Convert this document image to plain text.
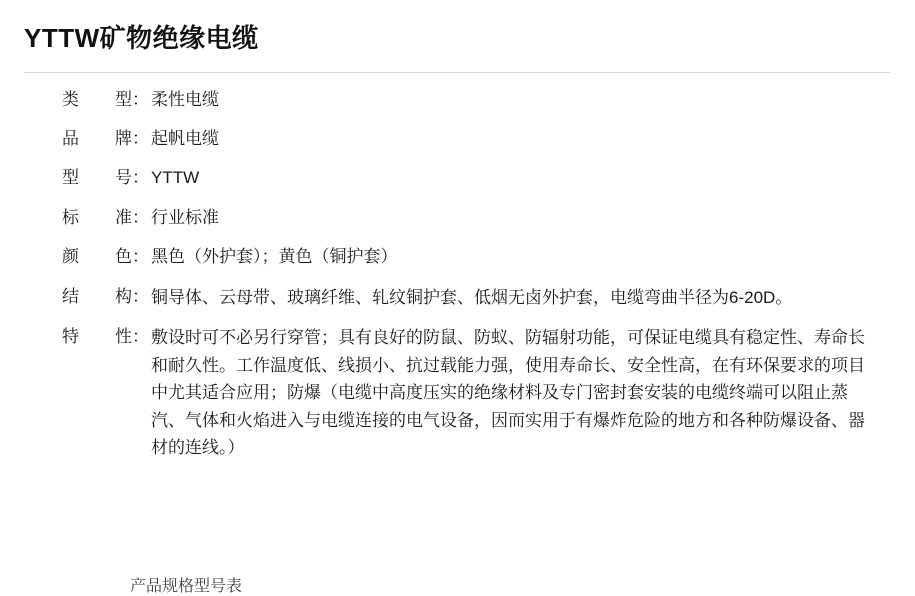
YTTW矿物绝缘电缆
类型 ： 柔性电缆
品牌 ： 起帆电缆
型号 ： YTTW
标准 ： 行业标准
颜色 ： 黑色（外护套）；黄色（铜护套）
结构 ： 铜导体、云母带、玻璃纤维、轧纹铜护套、低烟无卤外护套，电缆弯曲半径为6-20D。
特性 ： 敷设时可不必另行穿管；具有良好的防鼠、防蚁、防辐射功能，可保证电缆具有稳定性、寿命长和耐久性。工作温度低、线损小、抗过载能力强，使用寿命长、安全性高，在有环保要求的项目中尤其适合应用；防爆（电缆中高度压实的绝缘材料及专门密封套安装的电缆终端可以阻止蒸汽、气体和火焰进入与电缆连接的电气设备，因而实用于有爆炸危险的地方和各种防爆设备、器材的连线。）
产品规格型号表
